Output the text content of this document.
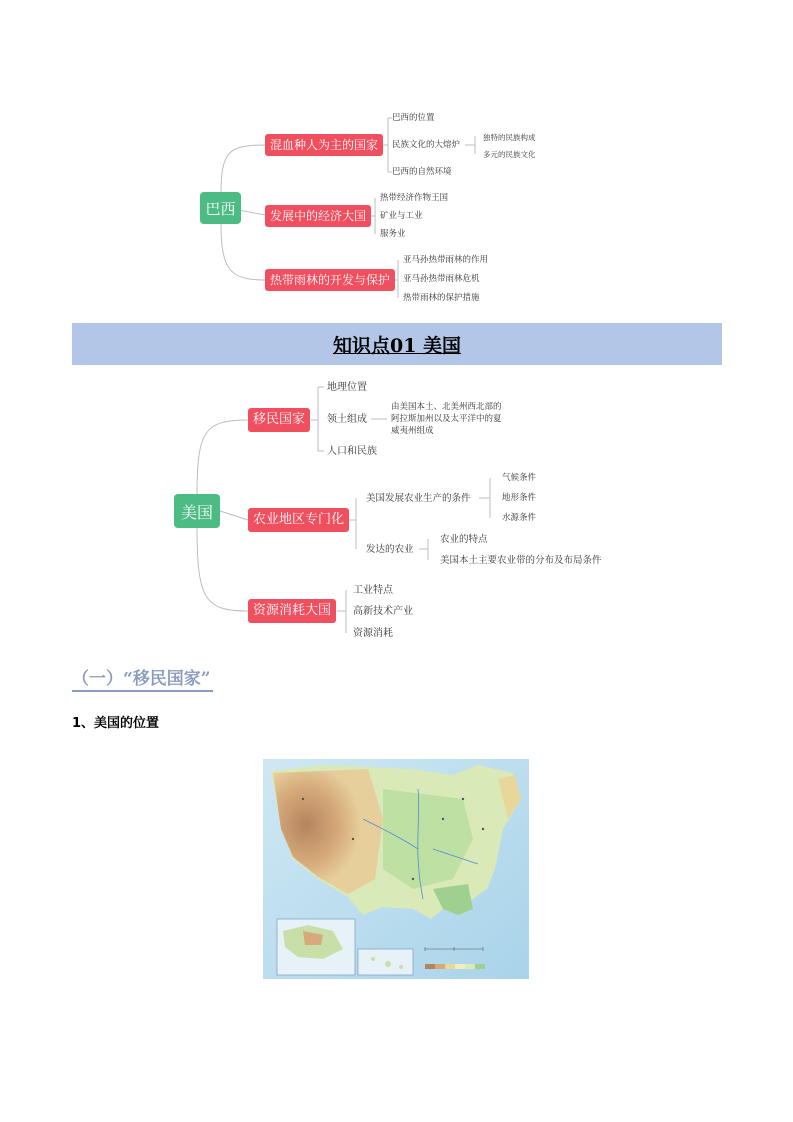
巴西
混血种人为主的国家
发展中的经济大国
热带雨林的开发与保护
巴西的位置
民族文化的大熔炉
巴西的自然环境
独特的民族构成
多元的民族文化
热带经济作物王国
矿业与工业
服务业
亚马孙热带雨林的作用
亚马孙热带雨林危机
热带雨林的保护措施
知识点01 美国
美国
移民国家
农业地区专门化
资源消耗大国
地理位置
领土组成
人口和民族
由美国本土、北美州西北部的
阿拉斯加州以及太平洋中的夏
威夷州组成
美国发展农业生产的条件
发达的农业
气候条件
地形条件
水源条件
农业的特点
美国本土主要农业带的分布及布局条件
工业特点
高新技术产业
资源消耗
（一）“移民国家”
1、美国的位置
